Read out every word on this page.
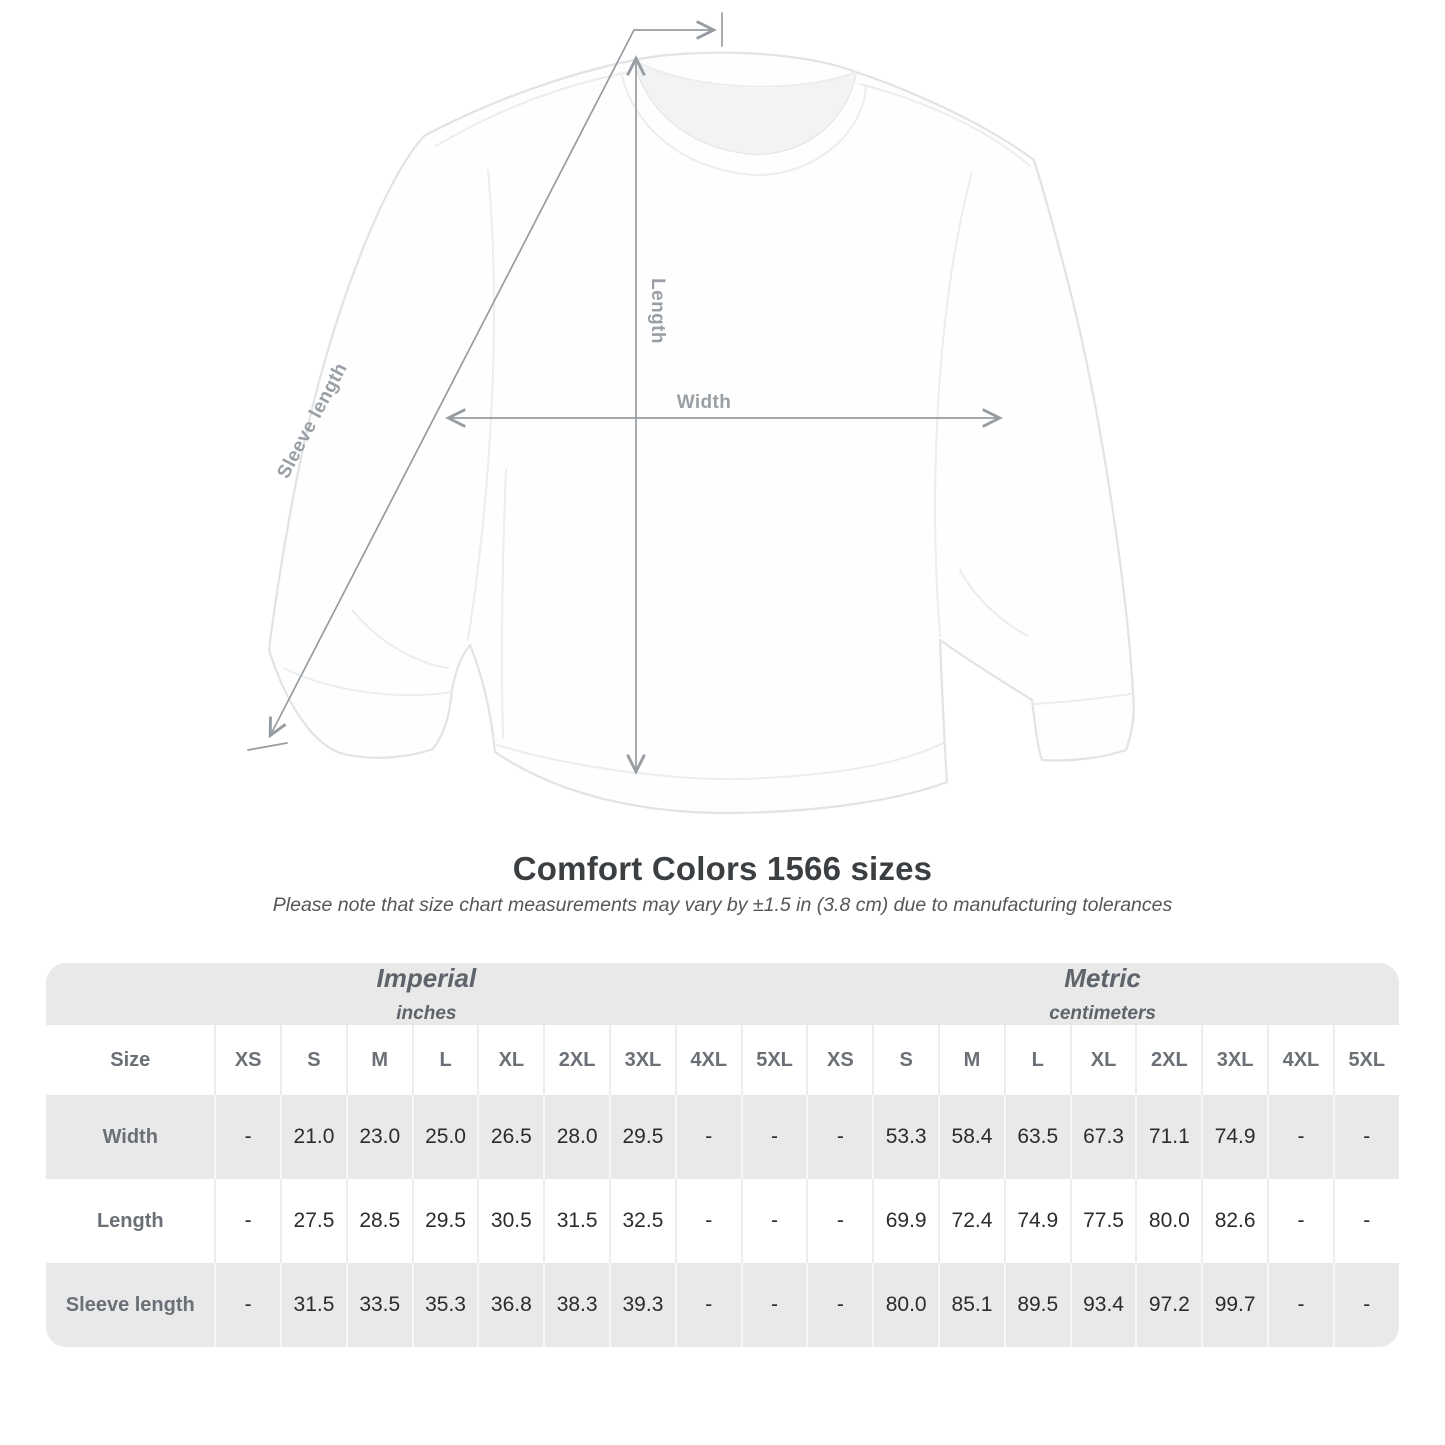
Sleeve length
Length
Width
Comfort Colors 1566 sizes

Please note that size chart measurements may vary by ±1.5 in (3.8 cm) due to manufacturing tolerances

Imperial
inches

Metric
centimeters

Size	XS	S	M	L	XL	2XL	3XL	4XL	5XL	XS	S	M	L	XL	2XL	3XL	4XL	5XL
Width	-	21.0	23.0	25.0	26.5	28.0	29.5	-	-	-	53.3	58.4	63.5	67.3	71.1	74.9	-	-
Length	-	27.5	28.5	29.5	30.5	31.5	32.5	-	-	-	69.9	72.4	74.9	77.5	80.0	82.6	-	-
Sleeve length	-	31.5	33.5	35.3	36.8	38.3	39.3	-	-	-	80.0	85.1	89.5	93.4	97.2	99.7	-	-
